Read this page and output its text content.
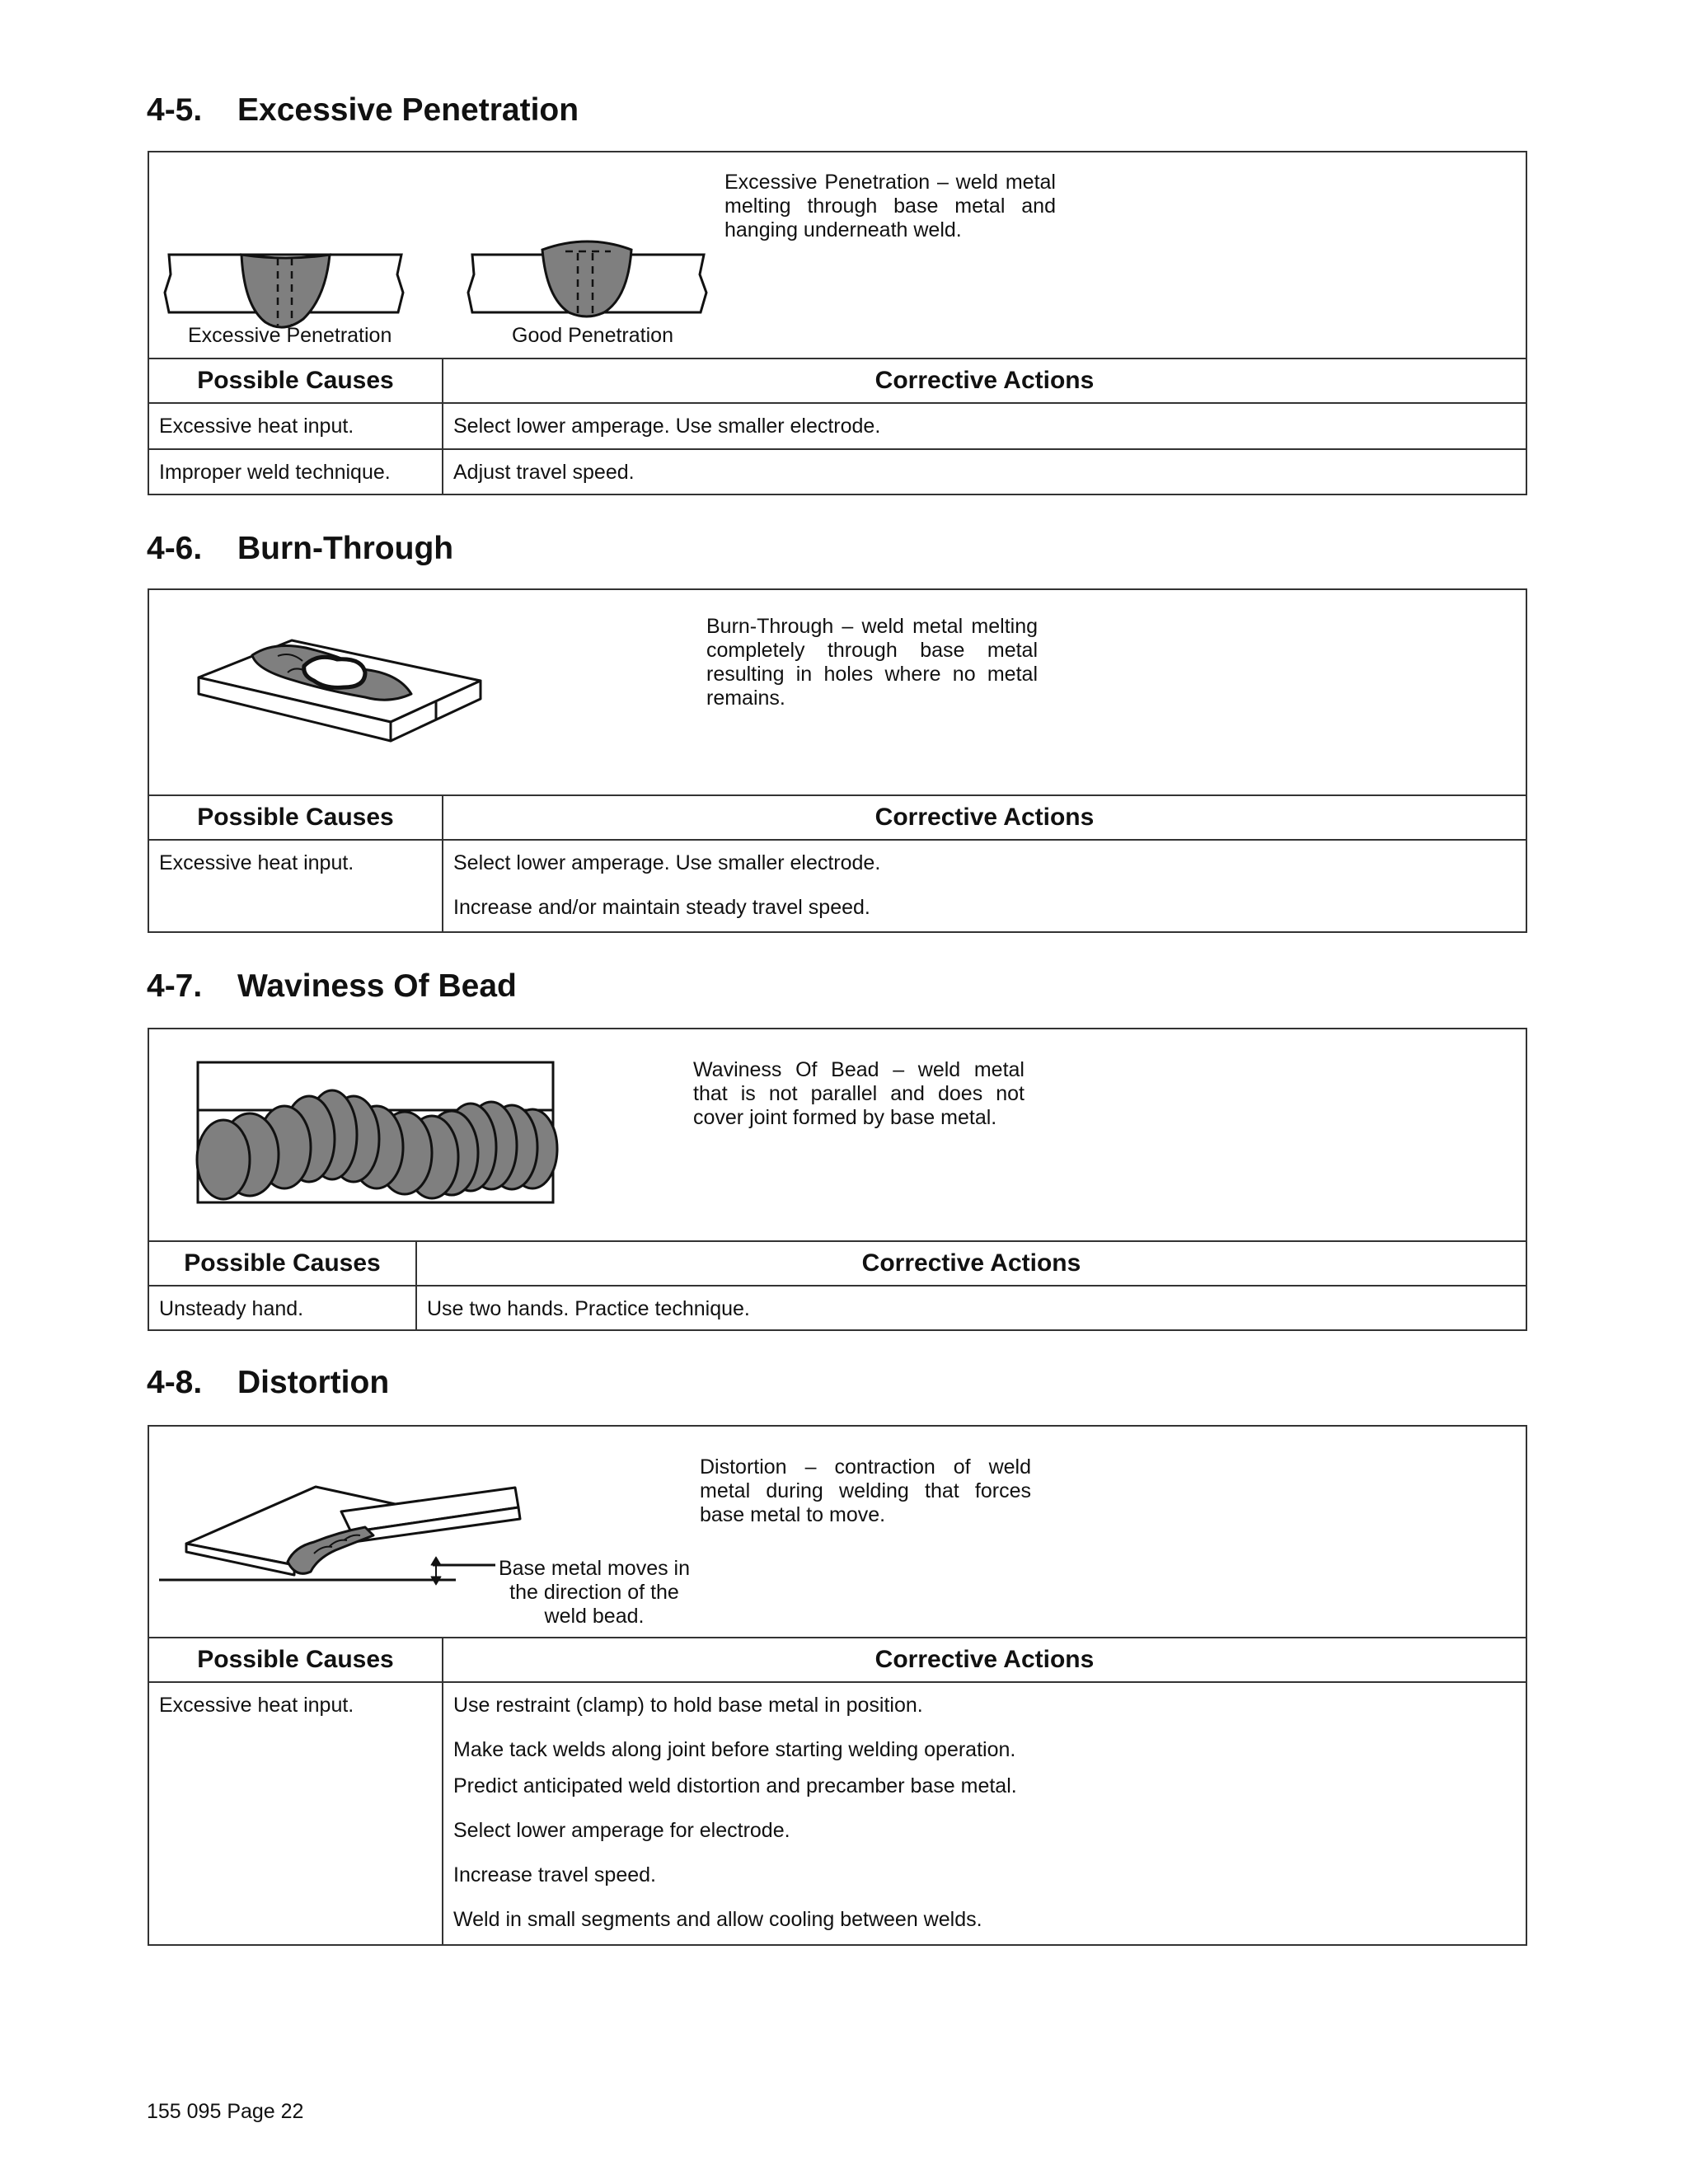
4-5. Excessive Penetration

Excessive Penetration	Good Penetration

Excessive Penetration – weld metal melting through base metal and hanging underneath weld.

Possible Causes	Corrective Actions
Excessive heat input.	Select lower amperage. Use smaller electrode.

Improper weld technique.	Adjust travel speed.

4-6. Burn-Through

Burn-Through – weld metal melting completely through base metal resulting in holes where no metal remains.

Possible Causes	Corrective Actions
Excessive heat input.	Select lower amperage. Use smaller electrode.

Increase and/or maintain steady travel speed.

4-7. Waviness Of Bead

Waviness Of Bead – weld metal that is not parallel and does not cover joint formed by base metal.

Possible Causes	Corrective Actions
Unsteady hand.	Use two hands. Practice technique.

4-8. Distortion

Base metal moves in the direction of the weld bead.

Distortion – contraction of weld metal during welding that forces base metal to move.

Possible Causes	Corrective Actions
Excessive heat input.	Use restraint (clamp) to hold base metal in position.

Make tack welds along joint before starting welding operation.

Predict anticipated weld distortion and precamber base metal.

Select lower amperage for electrode.

Increase travel speed.

Weld in small segments and allow cooling between welds.

155 095 Page 22
